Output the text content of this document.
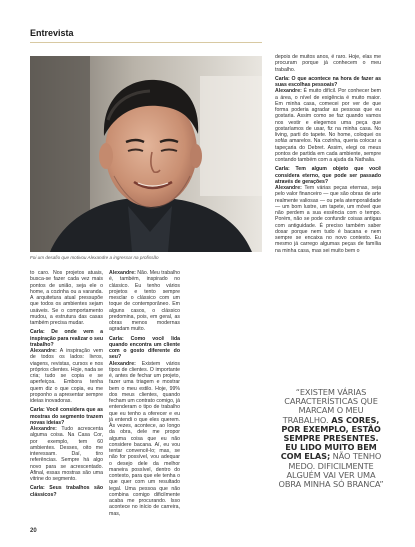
Entrevista
Foi um desafio que motivou Alexandre a ingressar na profissão

to caro. Nos projetos atuais, busca-se fazer cada vez mais pontos de união, seja ele o home, a cozinha ou a varanda. A arquitetura atual pressupõe que todos os ambientes sejam usáveis. Se o comportamento mudou, a estrutura das casas também precisa mudar.

Carla: De onde vem a inspiração para realizar o seu trabalho?

Alexandre: A inspiração vem de todos os lados: livros, viagens, revistas, cursos e nos próprios clientes. Hoje, nada se cria; tudo se copia e se aperfeiçoa. Embora tenha quem diz o que copia, eu me proponho a apresentar sempre ideias inovadoras.

Carla: Você considera que as mostras do segmento trazem novas ideias?

Alexandre: Tudo acrescenta alguma coisa. Na Casa Cor, por exemplo, tem 60 ambientes. Desses, oito me interessam. Daí, tiro referências. Sempre há algo novo para se acrescentado. Afinal, essas mostras são uma vitrine do segmento.

Carla: Seus trabalhos são clássicos?

Alexandre: Não. Meu trabalho é, também, inspirado no clássico. Eu tenho vários projetos e tento sempre mesclar o clássico com um toque de contemporâneo. Em alguns casos, o clássico predomina, pois, em geral, as obras menos modernas agradam muito.

Carla: Como você lida quando encontra um cliente com o gosto diferente do seu?

Alexandre: Existem vários tipos de clientes. O importante é, antes de fechar um projeto, fazer uma triagem e mostrar bem o meu estilo. Hoje, 99% dos meus clientes, quando fecham um contrato comigo, já entenderam o tipo de trabalho que eu tenho a oferecer e eu já entendi o que eles querem. Às vezes, acontece, ao longo da obra, dele me propor alguma coisa que eu não considere bacana. Aí, eu vou tentar convencê-lo; mas, se não for possível, vou adequar o desejo dele da melhor maneira possível, dentro do contexto, para que ele tenha o que quer com um resultado legal. Uma pessoa que não combina comigo dificilmente acaba me procurando. Isso acontece no início de carreira, mas,

depois de muitos anos, é raro. Hoje, elas me procuram porque já conhecem o meu trabalho.

Carla: O que acontece na hora de fazer as suas escolhas pessoais?

Alexandre: É muito difícil. Por conhecer bem a área, o nível de exigência é muito maior. Em minha casa, comecei por ver de que forma poderia agradar as pessoas que eu gostaria. Assim como se faz quando vamos nos vestir e elegemos uma peça que gostaríamos de usar, fiz na minha casa. No living, parti do tapete. No home, coloquei os sofás amarelos. Na cozinha, queria colocar a tapeçaria do Debret. Assim, elegi os meus pontos de partida em cada ambiente, sempre contando também com a ajuda da Nathalia.

Carla: Tem algum objeto que você considera eterno, que pode ser passado através de gerações?

Alexandre: Tem várias peças eternas, seja pelo valor financeiro — que são obras de arte realmente valiosas — ou pela atemporalidade — um bom lustre, um tapete, um móvel que não perdem a sua essência com o tempo. Porém, não se pode confundir coisas antigas com antiguidade. É preciso também saber dosar porque nem tudo é bacana e nem sempre se encaixa no novo contexto. Eu mesmo já carrego algumas peças de família na minha casa, mas sei muito bem o

“EXISTEM VÁRIAS CARACTERÍSTICAS QUE MARCAM O MEU TRABALHO. AS CORES, POR EXEMPLO, ESTÃO SEMPRE PRESENTES. EU LIDO MUITO BEM COM ELAS; NÃO TENHO MEDO. DIFICILMENTE ALGUÉM VAI VER UMA OBRA MINHA SÓ BRANCA”
20
